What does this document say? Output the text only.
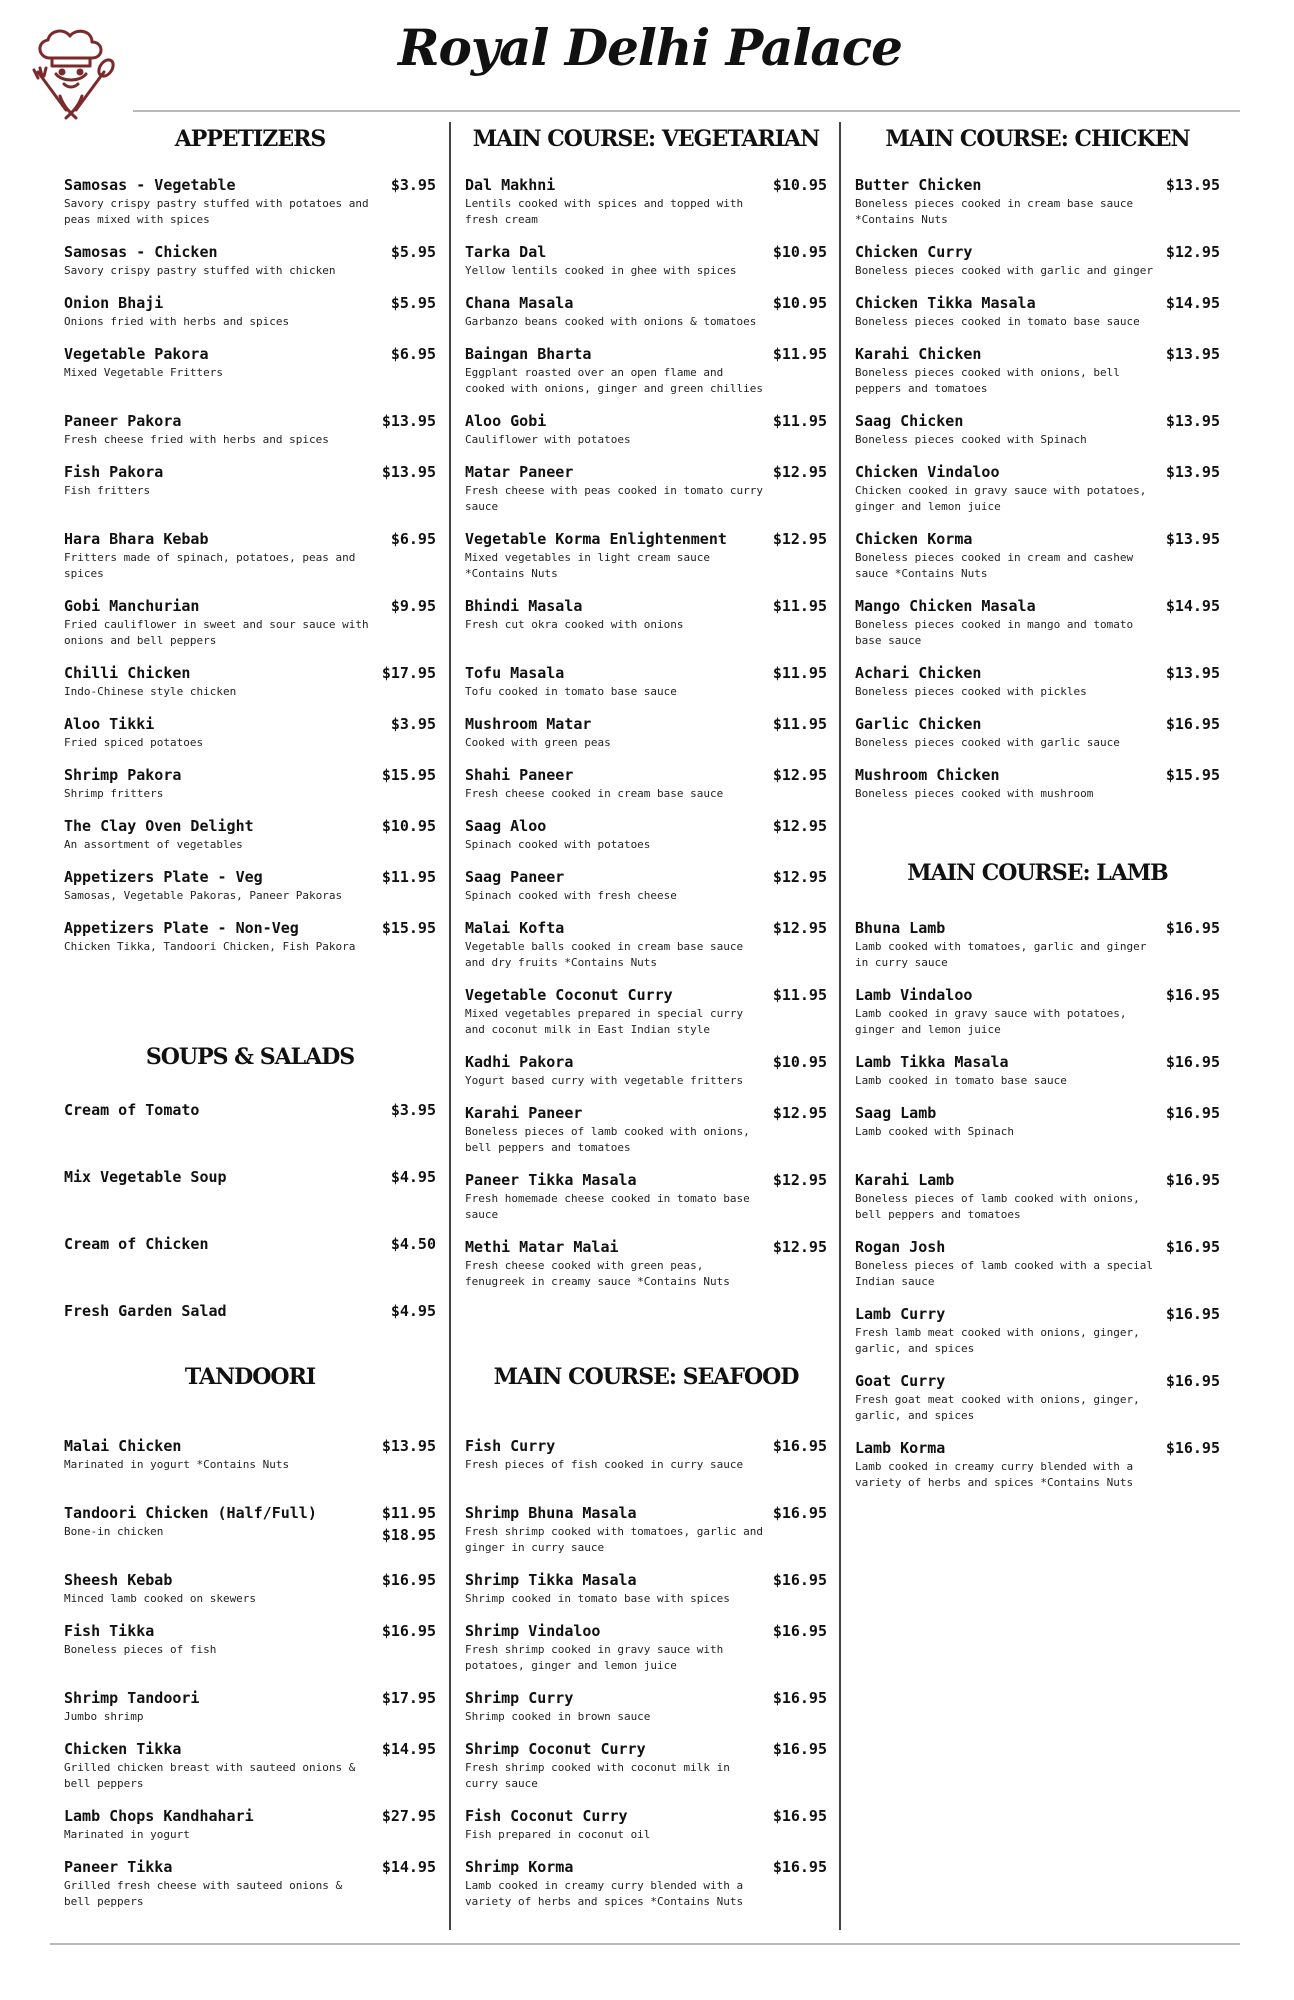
Royal Delhi Palace
APPETIZERS
Samosas - Vegetable	$3.95
Savory crispy pastry stuffed with potatoes and
peas mixed with spices
Samosas - Chicken	$5.95
Savory crispy pastry stuffed with chicken
Onion Bhaji	$5.95
Onions fried with herbs and spices
Vegetable Pakora	$6.95
Mixed Vegetable Fritters
Paneer Pakora	$13.95
Fresh cheese fried with herbs and spices
Fish Pakora	$13.95
Fish fritters
Hara Bhara Kebab	$6.95
Fritters made of spinach, potatoes, peas and
spices
Gobi Manchurian	$9.95
Fried cauliflower in sweet and sour sauce with
onions and bell peppers
Chilli Chicken	$17.95
Indo-Chinese style chicken
Aloo Tikki	$3.95
Fried spiced potatoes
Shrimp Pakora	$15.95
Shrimp fritters
The Clay Oven Delight	$10.95
An assortment of vegetables
Appetizers Plate - Veg	$11.95
Samosas, Vegetable Pakoras, Paneer Pakoras
Appetizers Plate - Non-Veg	$15.95
Chicken Tikka, Tandoori Chicken, Fish Pakora
SOUPS & SALADS
Cream of Tomato	$3.95
Mix Vegetable Soup	$4.95
Cream of Chicken	$4.50
Fresh Garden Salad	$4.95
TANDOORI
Malai Chicken	$13.95
Marinated in yogurt *Contains Nuts
Tandoori Chicken (Half/Full)	$11.95
$18.95
Bone-in chicken
Sheesh Kebab	$16.95
Minced lamb cooked on skewers
Fish Tikka	$16.95
Boneless pieces of fish
Shrimp Tandoori	$17.95
Jumbo shrimp
Chicken Tikka	$14.95
Grilled chicken breast with sauteed onions &
bell peppers
Lamb Chops Kandhahari	$27.95
Marinated in yogurt
Paneer Tikka	$14.95
Grilled fresh cheese with sauteed onions &
bell peppers
MAIN COURSE: VEGETARIAN
Dal Makhni	$10.95
Lentils cooked with spices and topped with
fresh cream
Tarka Dal	$10.95
Yellow lentils cooked in ghee with spices
Chana Masala	$10.95
Garbanzo beans cooked with onions & tomatoes
Baingan Bharta	$11.95
Eggplant roasted over an open flame and
cooked with onions, ginger and green chillies
Aloo Gobi	$11.95
Cauliflower with potatoes
Matar Paneer	$12.95
Fresh cheese with peas cooked in tomato curry
sauce
Vegetable Korma Enlightenment	$12.95
Mixed vegetables in light cream sauce
*Contains Nuts
Bhindi Masala	$11.95
Fresh cut okra cooked with onions
Tofu Masala	$11.95
Tofu cooked in tomato base sauce
Mushroom Matar	$11.95
Cooked with green peas
Shahi Paneer	$12.95
Fresh cheese cooked in cream base sauce
Saag Aloo	$12.95
Spinach cooked with potatoes
Saag Paneer	$12.95
Spinach cooked with fresh cheese
Malai Kofta	$12.95
Vegetable balls cooked in cream base sauce
and dry fruits *Contains Nuts
Vegetable Coconut Curry	$11.95
Mixed vegetables prepared in special curry
and coconut milk in East Indian style
Kadhi Pakora	$10.95
Yogurt based curry with vegetable fritters
Karahi Paneer	$12.95
Boneless pieces of lamb cooked with onions,
bell peppers and tomatoes
Paneer Tikka Masala	$12.95
Fresh homemade cheese cooked in tomato base
sauce
Methi Matar Malai	$12.95
Fresh cheese cooked with green peas,
fenugreek in creamy sauce *Contains Nuts
MAIN COURSE: SEAFOOD
Fish Curry	$16.95
Fresh pieces of fish cooked in curry sauce
Shrimp Bhuna Masala	$16.95
Fresh shrimp cooked with tomatoes, garlic and
ginger in curry sauce
Shrimp Tikka Masala	$16.95
Shrimp cooked in tomato base with spices
Shrimp Vindaloo	$16.95
Fresh shrimp cooked in gravy sauce with
potatoes, ginger and lemon juice
Shrimp Curry	$16.95
Shrimp cooked in brown sauce
Shrimp Coconut Curry	$16.95
Fresh shrimp cooked with coconut milk in
curry sauce
Fish Coconut Curry	$16.95
Fish prepared in coconut oil
Shrimp Korma	$16.95
Lamb cooked in creamy curry blended with a
variety of herbs and spices *Contains Nuts
MAIN COURSE: CHICKEN
Butter Chicken	$13.95
Boneless pieces cooked in cream base sauce
*Contains Nuts
Chicken Curry	$12.95
Boneless pieces cooked with garlic and ginger
Chicken Tikka Masala	$14.95
Boneless pieces cooked in tomato base sauce
Karahi Chicken	$13.95
Boneless pieces cooked with onions, bell
peppers and tomatoes
Saag Chicken	$13.95
Boneless pieces cooked with Spinach
Chicken Vindaloo	$13.95
Chicken cooked in gravy sauce with potatoes,
ginger and lemon juice
Chicken Korma	$13.95
Boneless pieces cooked in cream and cashew
sauce *Contains Nuts
Mango Chicken Masala	$14.95
Boneless pieces cooked in mango and tomato
base sauce
Achari Chicken	$13.95
Boneless pieces cooked with pickles
Garlic Chicken	$16.95
Boneless pieces cooked with garlic sauce
Mushroom Chicken	$15.95
Boneless pieces cooked with mushroom
MAIN COURSE: LAMB
Bhuna Lamb	$16.95
Lamb cooked with tomatoes, garlic and ginger
in curry sauce
Lamb Vindaloo	$16.95
Lamb cooked in gravy sauce with potatoes,
ginger and lemon juice
Lamb Tikka Masala	$16.95
Lamb cooked in tomato base sauce
Saag Lamb	$16.95
Lamb cooked with Spinach
Karahi Lamb	$16.95
Boneless pieces of lamb cooked with onions,
bell peppers and tomatoes
Rogan Josh	$16.95
Boneless pieces of lamb cooked with a special
Indian sauce
Lamb Curry	$16.95
Fresh lamb meat cooked with onions, ginger,
garlic, and spices
Goat Curry	$16.95
Fresh goat meat cooked with onions, ginger,
garlic, and spices
Lamb Korma	$16.95
Lamb cooked in creamy curry blended with a
variety of herbs and spices *Contains Nuts
